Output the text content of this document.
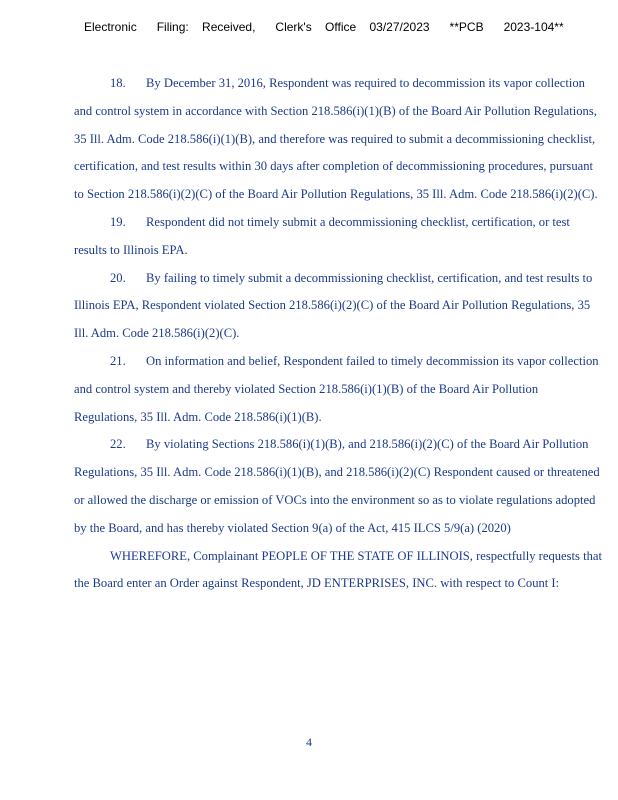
Electronic      Filing:    Received,      Clerk's    Office    03/27/2023      **PCB      2023-104**

18. By December 31, 2016, Respondent was required to decommission its vapor collection and control system in accordance with Section 218.586(i)(1)(B) of the Board Air Pollution Regulations, 35 Ill. Adm. Code 218.586(i)(1)(B), and therefore was required to submit a decommissioning checklist, certification, and test results within 30 days after completion of decommissioning procedures, pursuant to Section 218.586(i)(2)(C) of the Board Air Pollution Regulations, 35 Ill. Adm. Code 218.586(i)(2)(C).

19. Respondent did not timely submit a decommissioning checklist, certification, or test results to Illinois EPA.

20. By failing to timely submit a decommissioning checklist, certification, and test results to Illinois EPA, Respondent violated Section 218.586(i)(2)(C) of the Board Air Pollution Regulations, 35 Ill. Adm. Code 218.586(i)(2)(C).

21. On information and belief, Respondent failed to timely decommission its vapor collection and control system and thereby violated Section 218.586(i)(1)(B) of the Board Air Pollution Regulations, 35 Ill. Adm. Code 218.586(i)(1)(B).

22. By violating Sections 218.586(i)(1)(B), and 218.586(i)(2)(C) of the Board Air Pollution Regulations, 35 Ill. Adm. Code 218.586(i)(1)(B), and 218.586(i)(2)(C) Respondent caused or threatened or allowed the discharge or emission of VOCs into the environment so as to violate regulations adopted by the Board, and has thereby violated Section 9(a) of the Act, 415 ILCS 5/9(a) (2020)

WHEREFORE, Complainant PEOPLE OF THE STATE OF ILLINOIS, respectfully requests that the Board enter an Order against Respondent, JD ENTERPRISES, INC. with respect to Count I:

4
